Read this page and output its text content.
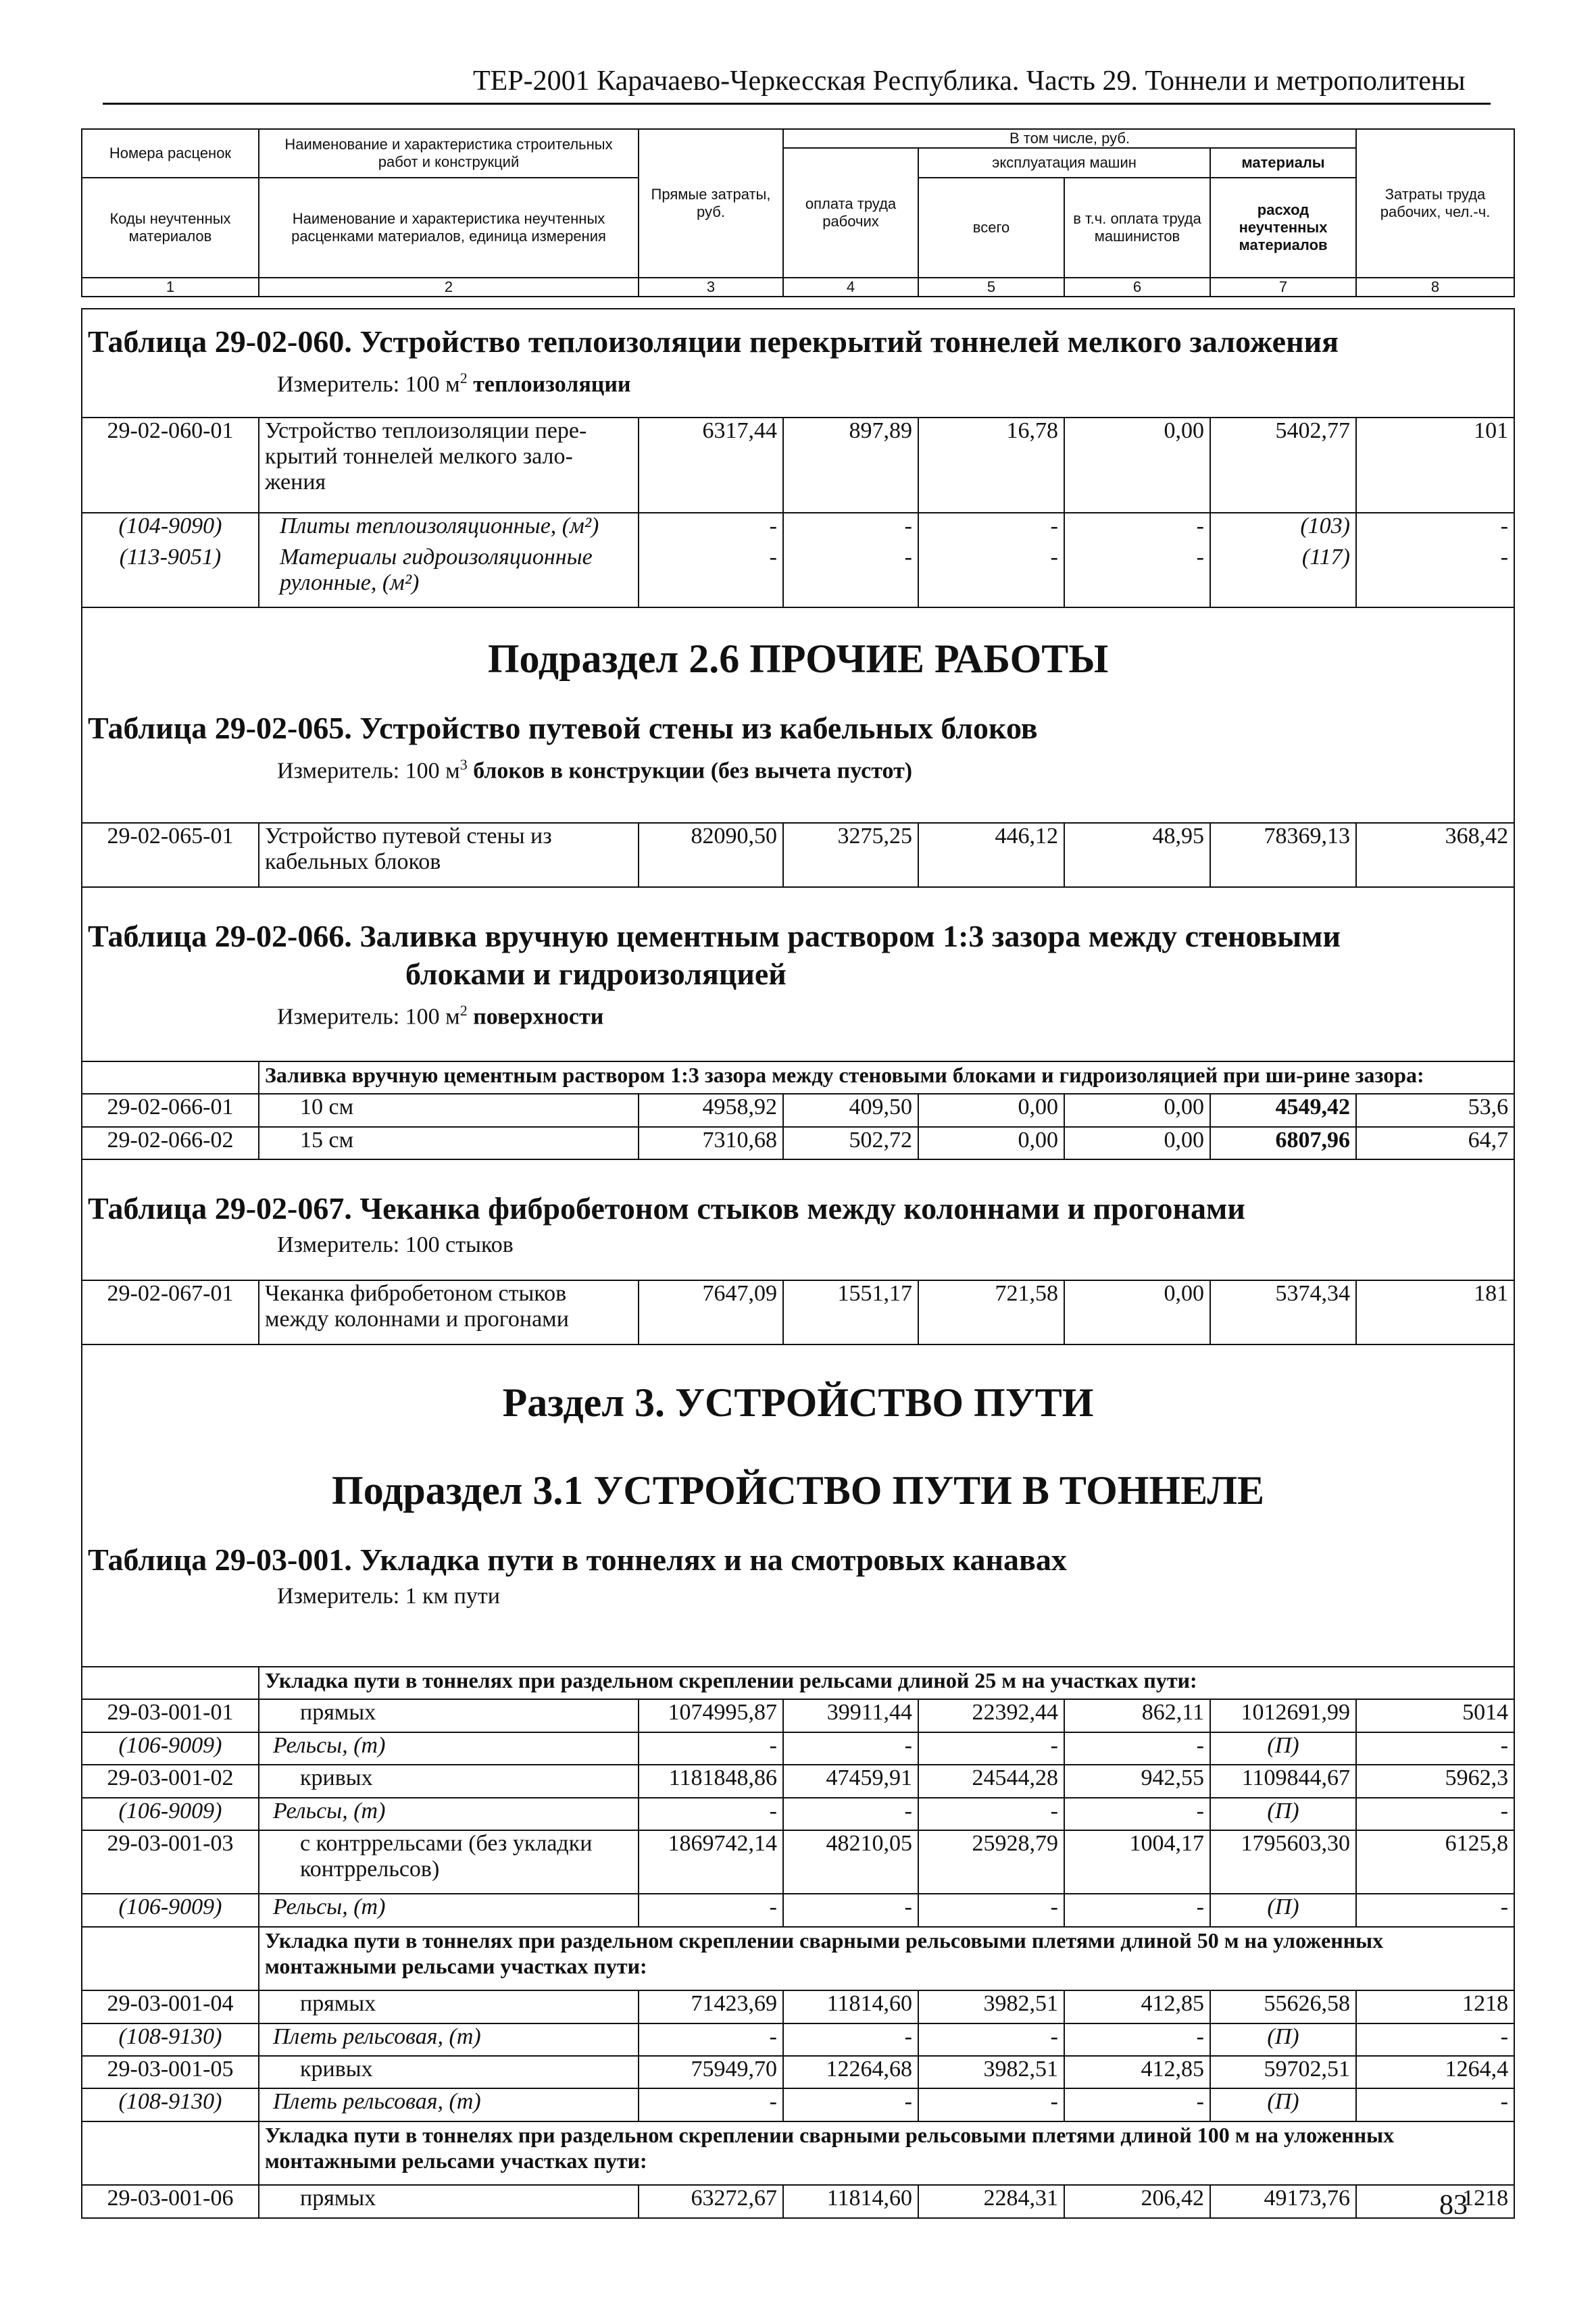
ТЕР-2001 Карачаево-Черкесская Республика. Часть 29. Тоннели и метрополитены
Номера расценок	Наименование и характеристика строительных работ и конструкций	Прямые затраты, руб.	В том числе, руб.				Затраты труда рабочих, чел.-ч.
			оплата труда рабочих	эксплуатация машин		материалы	
Коды неучтенных материалов	Наименование и характеристика неучтенных расценками материалов, единица измерения			всего	в т.ч. оплата труда машинистов	расход неучтенных материалов	

1	2	3	4	5	6	7	8
Таблица 29-02-060. Устройство теплоизоляции перекрытий тоннелей мелкого заложения
Измеритель: 100 $м^2$ теплоизоляции							

29-02-060-01	Устройство теплоизоляции пере-крытий тоннелей мелкого зало-жения	6317,44	897,89	16,78	0,00	5402,77	101
(104-9090)	Плиты теплоизоляционные, (м²)	-	-	-	-	(103)	-
(113-9051)	Материалы гидроизоляционные рулонные, (м²)	-	-	-	-	(117)	-

Подраздел 2.6 ПРОЧИЕ РАБОТЫ
Таблица 29-02-065. Устройство путевой стены из кабельных блоков
Измеритель: 100 $м^3$ блоков в конструкции (без вычета пустот)							

29-02-065-01	Устройство путевой стены из кабельных блоков	82090,50	3275,25	446,12	48,95	78369,13	368,42

Таблица 29-02-066. Заливка вручную цементным раствором 1:3 зазора между стеновыми
блоками и гидроизоляцией
Измеритель: 100 $м^2$ поверхности							

	Заливка вручную цементным раствором 1:3 зазора между стеновыми блоками и гидроизоляцией при ши-рине зазора:						
29-02-066-01	10 см	4958,92	409,50	0,00	0,00	4549,42	53,6
29-02-066-02	15 см	7310,68	502,72	0,00	0,00	6807,96	64,7

Таблица 29-02-067. Чеканка фибробетоном стыков между колоннами и прогонами
Измеритель: 100 стыков							

29-02-067-01	Чеканка фибробетоном стыков между колоннами и прогонами	7647,09	1551,17	721,58	0,00	5374,34	181

Раздел 3. УСТРОЙСТВО ПУТИ
Подраздел 3.1 УСТРОЙСТВО ПУТИ В ТОННЕЛЕ
Таблица 29-03-001. Укладка пути в тоннелях и на смотровых канавах
Измеритель: 1 км пути							

	Укладка пути в тоннелях при раздельном скреплении рельсами длиной 25 м на участках пути:						
29-03-001-01	прямых	1074995,87	39911,44	22392,44	862,11	1012691,99	5014
(106-9009)	Рельсы, (т)	-	-	-	-	(П)	-
29-03-001-02	кривых	1181848,86	47459,91	24544,28	942,55	1109844,67	5962,3
(106-9009)	Рельсы, (т)	-	-	-	-	(П)	-
29-03-001-03	с контррельсами (без укладки контррельсов)	1869742,14	48210,05	25928,79	1004,17	1795603,30	6125,8
(106-9009)	Рельсы, (т)	-	-	-	-	(П)	-
	Укладка пути в тоннелях при раздельном скреплении сварными рельсовыми плетями длиной 50 м на уложенных монтажными рельсами участках пути:						
29-03-001-04	прямых	71423,69	11814,60	3982,51	412,85	55626,58	1218
(108-9130)	Плеть рельсовая, (т)	-	-	-	-	(П)	-
29-03-001-05	кривых	75949,70	12264,68	3982,51	412,85	59702,51	1264,4
(108-9130)	Плеть рельсовая, (т)	-	-	-	-	(П)	-
	Укладка пути в тоннелях при раздельном скреплении сварными рельсовыми плетями длиной 100 м на уложенных монтажными рельсами участках пути:						
29-03-001-06	прямых	63272,67	11814,60	2284,31	206,42	49173,76	1218
83
